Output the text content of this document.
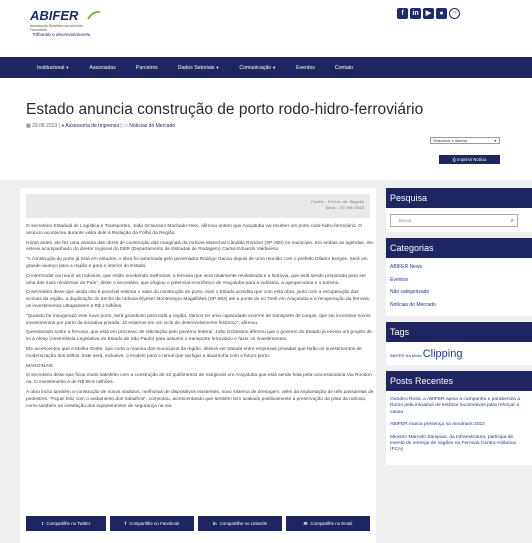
ABIFER
Associação Brasileira da Indústria Ferroviária
Trilhando o desenvolvimento
f	in	▶	●	○
Institucional▼	Associadas	Parceiros	Dados Setoriais▼	Comunicação▼	Eventos	Contato
Estado anuncia construção de porto rodo-hidro-ferroviário
▦ 29.08.2023 | ● Assessoria de Imprensa | ▭ Notícias do Mercado
Selecione o idioma	▼
⎙ Imprimir Notícia
Fonte: Folha da Região
Data: 27/08/2023

O secretário Estadual de Logística e Transportes, João Octaviano Machado Neto, afirmou ontem que Araçatuba vai receber um porto rodo-hidro-ferroviário. O anúncio aconteceu durante visita dele à Redação da Folha da Região.

Horas antes, ele fez uma vistoria das obras de construção das marginais da rodovia Marechal Cândido Rondon (SP-300) no município. Em ambas as agendas, ele esteve acompanhado do diretor regional do DER (Departamento de Estradas de Rodagem) Carlos Eduardo Valdivieso.

"A construção do porto já está em estudos. A obra foi autorizada pelo governador Rodrigo Garcia depois de uma reunião com o prefeito Dilador Borges. Será um grande avanço para a região e para o interior do Estado.

O intermodal vai reunir as rodovias, que estão recebendo melhorias, a ferrovia que será totalmente revitalizada e a hidrovia, que está sendo preparada para ser uma das mais modernas do País", disse o secretário, que elogiou o potencial econômico de Araçatuba para a indústria, a agropecuária e o turismo.

O secretário disse que ainda não é possível estimar o valor da construção do porto, mas o Estado acredita que com esta obra, junto com a recuperação das vicinais da região, a duplicação do trecho da rodovia Elyeser Montenegro Magalhães (SP-563) até a ponte do rio Tietê em Araçatuba e a recuperação da ferrovia, os investimentos ultrapassem a R$ 2 bilhões.

"Quando for inaugurado este novo porto, será grandioso para toda a região. Vamos ter uma capacidade enorme de transporte de cargas, que vai incentivar novos investimentos por parte da iniciativa privada. Já estamos em um ciclo de desenvolvimento histórico", afirmou.

Questionado sobre a ferrovia, que está em processo de relicitação pelo governo federal, João Octaviano afirmou que o governo do Estado já enviou um projeto de lei à Alesp (Assembleia Legislativa do Estado de São Paulo) para assumir o transporte ferroviário e fazer os investimentos.

Ele acrescentou que a Malha Oeste, que corta a maioria dos municípios da região, deverá ser tratada entre empresas privadas que farão os investimentos de modernização dos trilhos. Este será, inclusive, o modelo para o ramal que vai ligar a atual linha com o futuro porto.

MARGINAIS

O secretário disse que ficou muito satisfeito com a construção de 22 quilômetros de marginais em Araçatuba que está sendo feita pela concessionária Via Rondon na. O investimento é de R$ 98,8 milhões.

A obra inclui também a construção de novos viadutos, melhorias de dispositivos existentes, novo sistema de drenagem, além da implantação de três passarelas de pedestres. "Fiquei feliz com o andamento dos trabalhos", comentou, acrescentando que também tem avaliado positivamente a preservação da pista da rodovia, como também na instalação dos equipamentos de segurança na via.

t Compartilhe no Twitter	f Compartilhe no Facebook	in Compartilhe no LinkedIn	✉ Compartilhe no Email
Pesquisa
Busca	⌕
Categorias
ABIFER News
Eventos
Não categorizado
Notícias do Mercado
Tags
ABIFER Na Mídia Clipping
Posts Recentes
Outubro Rosa: a ABIFER apoia a campanha e parabeniza a Rumo pela iniciativa de estilizar locomotivas para reforçar a causa
ABIFER marca presença na Innotrans 2022
Ministro Marcelo Sampaio, da Infraestrutura, participa de evento de entrega de vagões na Ferrovia Centro-Atlântica (FCA)
